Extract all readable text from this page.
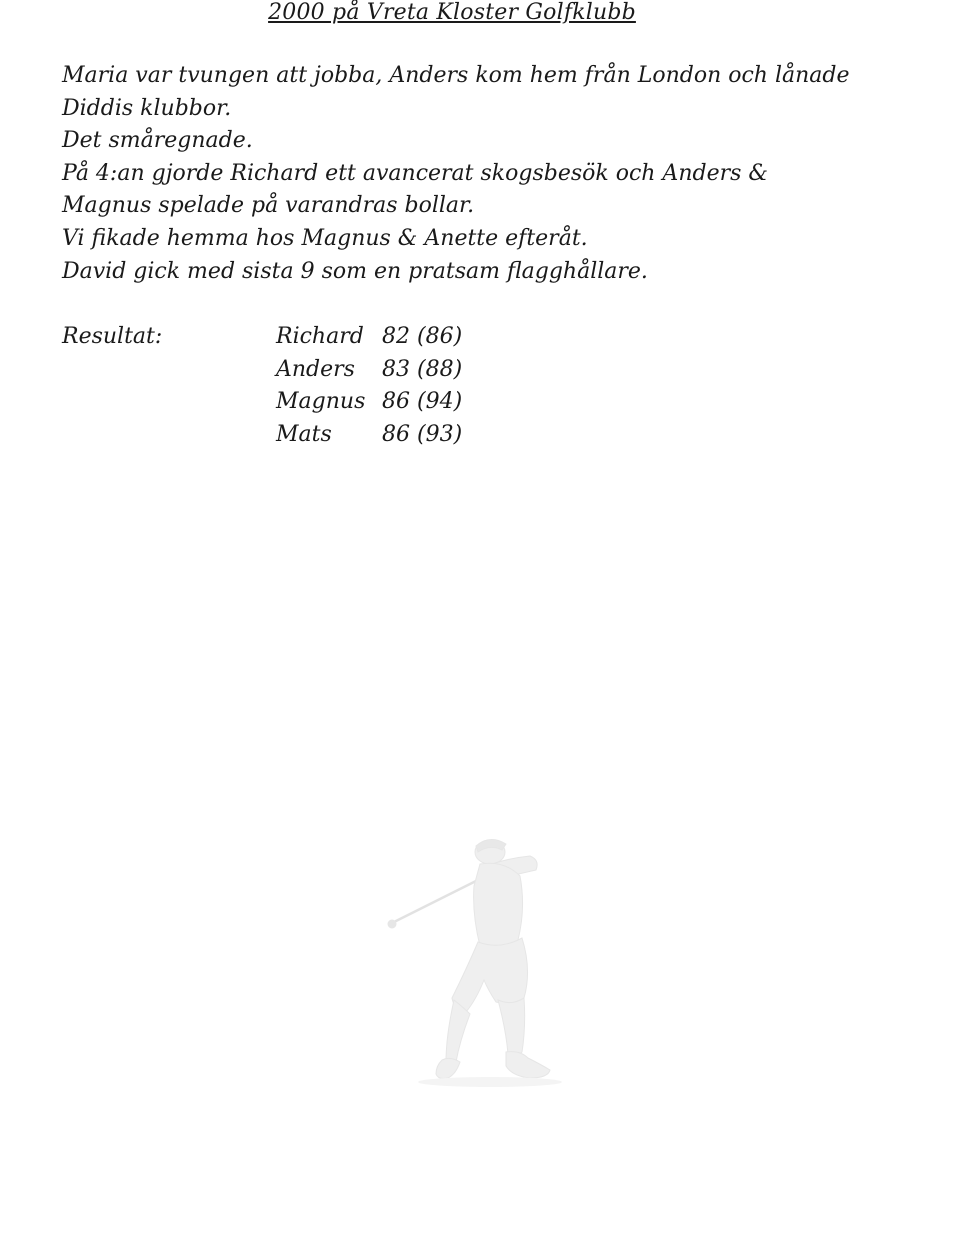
2000 på Vreta Kloster Golfklubb
Maria var tvungen att jobba, Anders kom hem från London och lånade
Diddis klubbor.
Det småregnade.
På 4:an gjorde Richard ett avancerat skogsbesök och Anders &
Magnus spelade på varandras bollar.
Vi fikade hemma hos Magnus & Anette efteråt.
David gick med sista 9 som en pratsam flagghållare.
Resultat:	Richard 82 (86)
Anders	83 (88)
Magnus 86 (94)
Mats	86 (93)
